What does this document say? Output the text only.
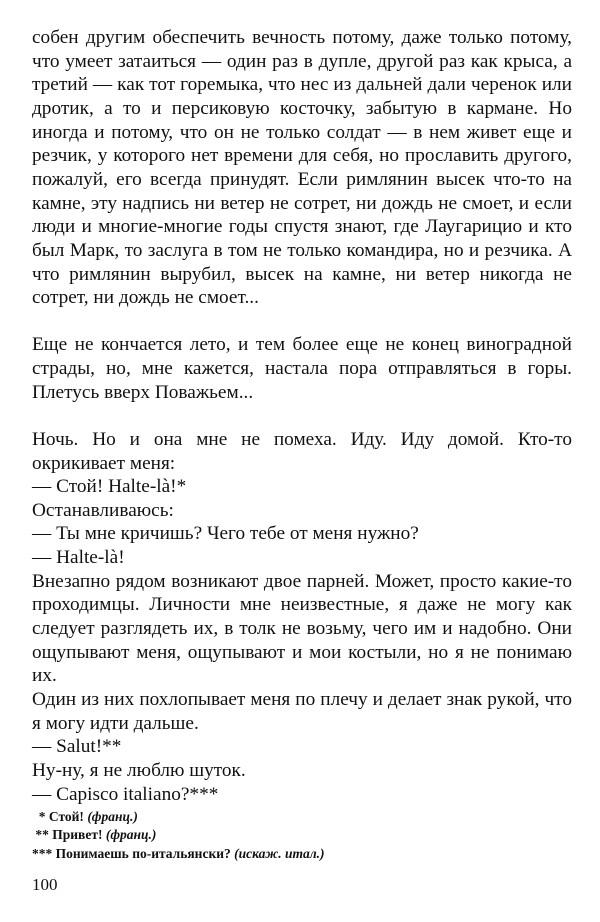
собен другим обеспечить вечность потому, даже только потому, что умеет затаиться — один раз в дупле, другой раз как крыса, а третий — как тот горемыка, что нес из дальней дали черенок или дротик, а то и персиковую косточку, забытую в кармане. Но иногда и потому, что он не только солдат — в нем живет еще и резчик, у которого нет времени для себя, но прославить другого, пожалуй, его всегда принудят. Если римлянин высек что-то на камне, эту надпись ни ветер не сотрет, ни дождь не смоет, и если люди и многие-многие годы спустя знают, где Лаугарицио и кто был Марк, то заслуга в том не только командира, но и резчика. А что римлянин вырубил, высек на камне, ни ветер никогда не сотрет, ни дождь не смоет...

Еще не кончается лето, и тем более еще не конец виноградной страды, но, мне кажется, настала пора отправляться в горы. Плетусь вверх Поважьем...

Ночь. Но и она мне не помеха. Иду. Иду домой. Кто-то окрикивает меня:

— Стой! Halte-là!*

Останавливаюсь:

— Ты мне кричишь? Чего тебе от меня нужно?

— Halte-là!

Внезапно рядом возникают двое парней. Может, просто какие-то проходимцы. Личности мне неизвестные, я даже не могу как следует разглядеть их, в толк не возьму, чего им и надобно. Они ощупывают меня, ощупывают и мои костыли, но я не понимаю их.

Один из них похлопывает меня по плечу и делает знак рукой, что я могу идти дальше.

— Salut!**

Ну-ну, я не люблю шуток.

— Capisco italiano?***

* Стой! (франц.)

** Привет! (франц.)

*** Понимаешь по-итальянски? (искаж. итал.)

100
